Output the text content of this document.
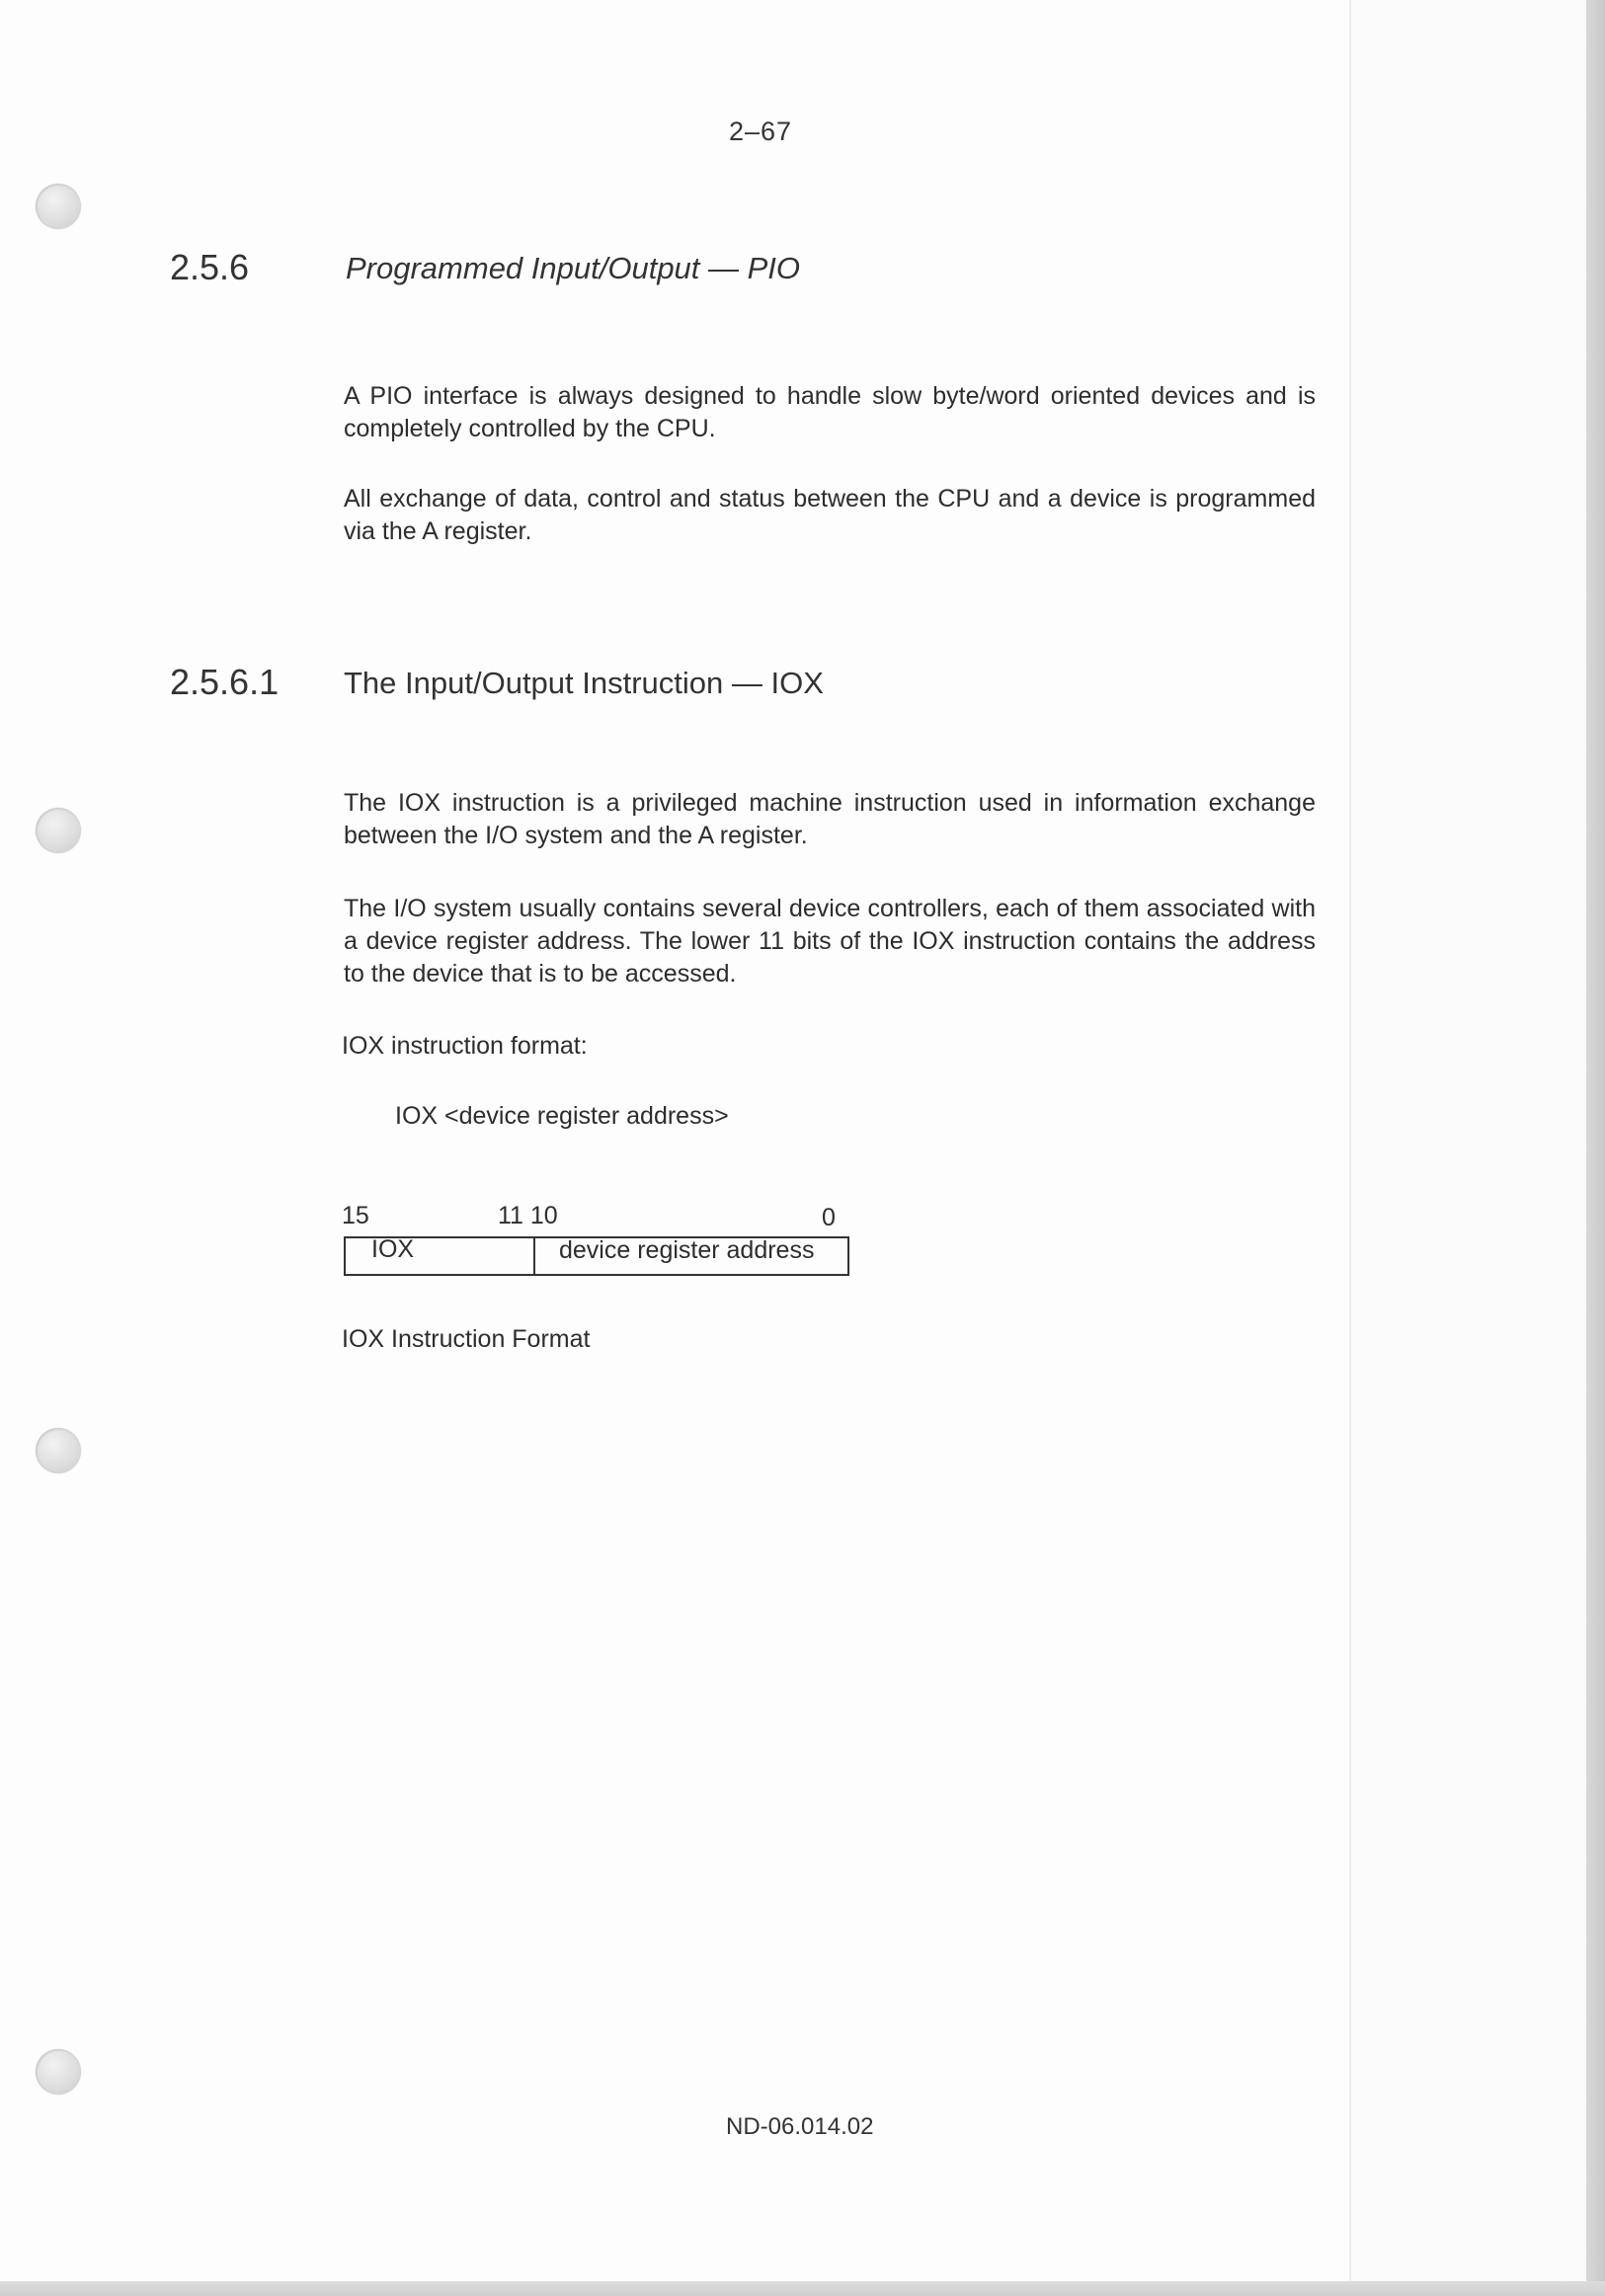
2–67
2.5.6	Programmed Input/Output — PIO

A PIO interface is always designed to handle slow byte/word oriented devices and is completely controlled by the CPU.

All exchange of data, control and status between the CPU and a device is programmed via the A register.

2.5.6.1 The Input/Output Instruction — IOX

The IOX instruction is a privileged machine instruction used in information exchange between the I/O system and the A register.

The I/O system usually contains several device controllers, each of them associated with a device register address. The lower 11 bits of the IOX instruction contains the address to the device that is to be accessed.

IOX instruction format:
IOX <device register address>
15	11 10	0
IOX	device register address
IOX Instruction Format
ND-06.014.02
